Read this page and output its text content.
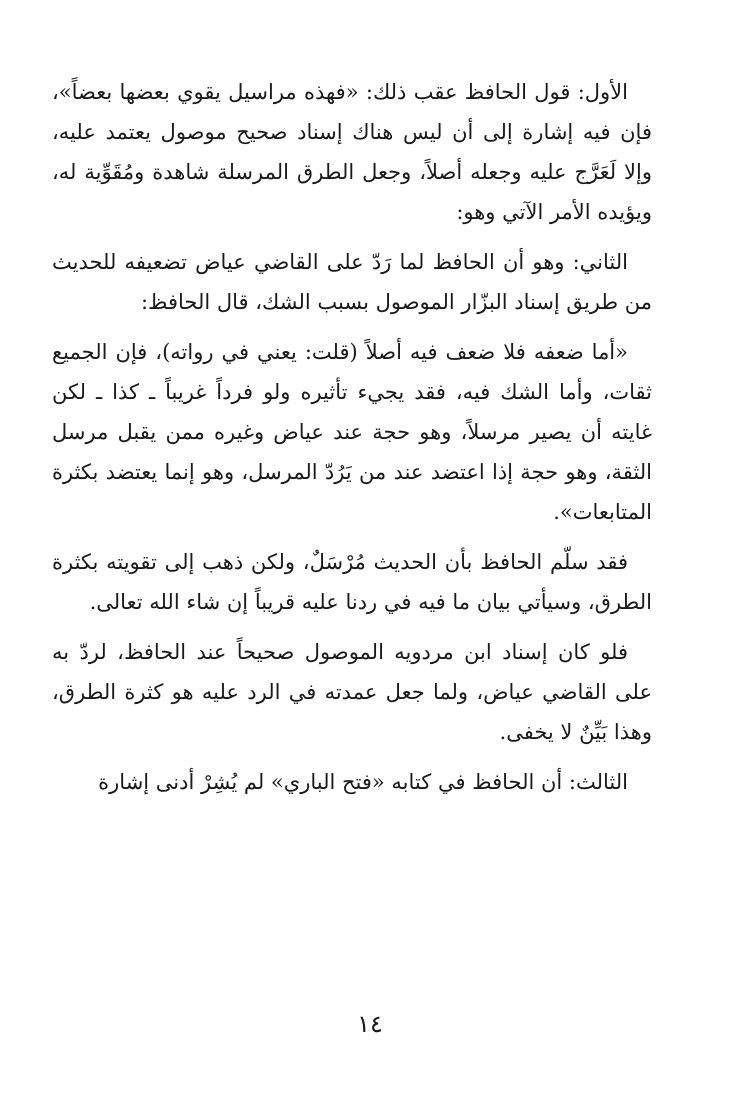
الأول: قول الحافظ عقب ذلك: «فهذه مراسيل يقوي بعضها بعضاً»، فإن فيه إشارة إلى أن ليس هناك إسناد صحيح موصول يعتمد عليه، وإلا لَعَرَّج عليه وجعله أصلاً، وجعل الطرق المرسلة شاهدة ومُقَوِّية له، ويؤيده الأمر الآتي وهو:

الثاني: وهو أن الحافظ لما رَدّ على القاضي عياض تضعيفه للحديث من طريق إسناد البزّار الموصول بسبب الشك، قال الحافظ:

«أما ضعفه فلا ضعف فيه أصلاً (قلت: يعني في رواته)، فإن الجميع ثقات، وأما الشك فيه، فقد يجيء تأثيره ولو فرداً غريباً ـ كذا ـ لكن غايته أن يصير مرسلاً، وهو حجة عند عياض وغيره ممن يقبل مرسل الثقة، وهو حجة إذا اعتضد عند من يَرُدّ المرسل، وهو إنما يعتضد بكثرة المتابعات».

فقد سلّم الحافظ بأن الحديث مُرْسَلٌ، ولكن ذهب إلى تقويته بكثرة الطرق، وسيأتي بيان ما فيه في ردنا عليه قريباً إن شاء الله تعالى.

فلو كان إسناد ابن مردويه الموصول صحيحاً عند الحافظ، لردّ به على القاضي عياض، ولما جعل عمدته في الرد عليه هو كثرة الطرق، وهذا بَيِّنٌ لا يخفى.

الثالث: أن الحافظ في كتابه «فتح الباري» لم يُشِرْ أدنى إشارة

١٤
